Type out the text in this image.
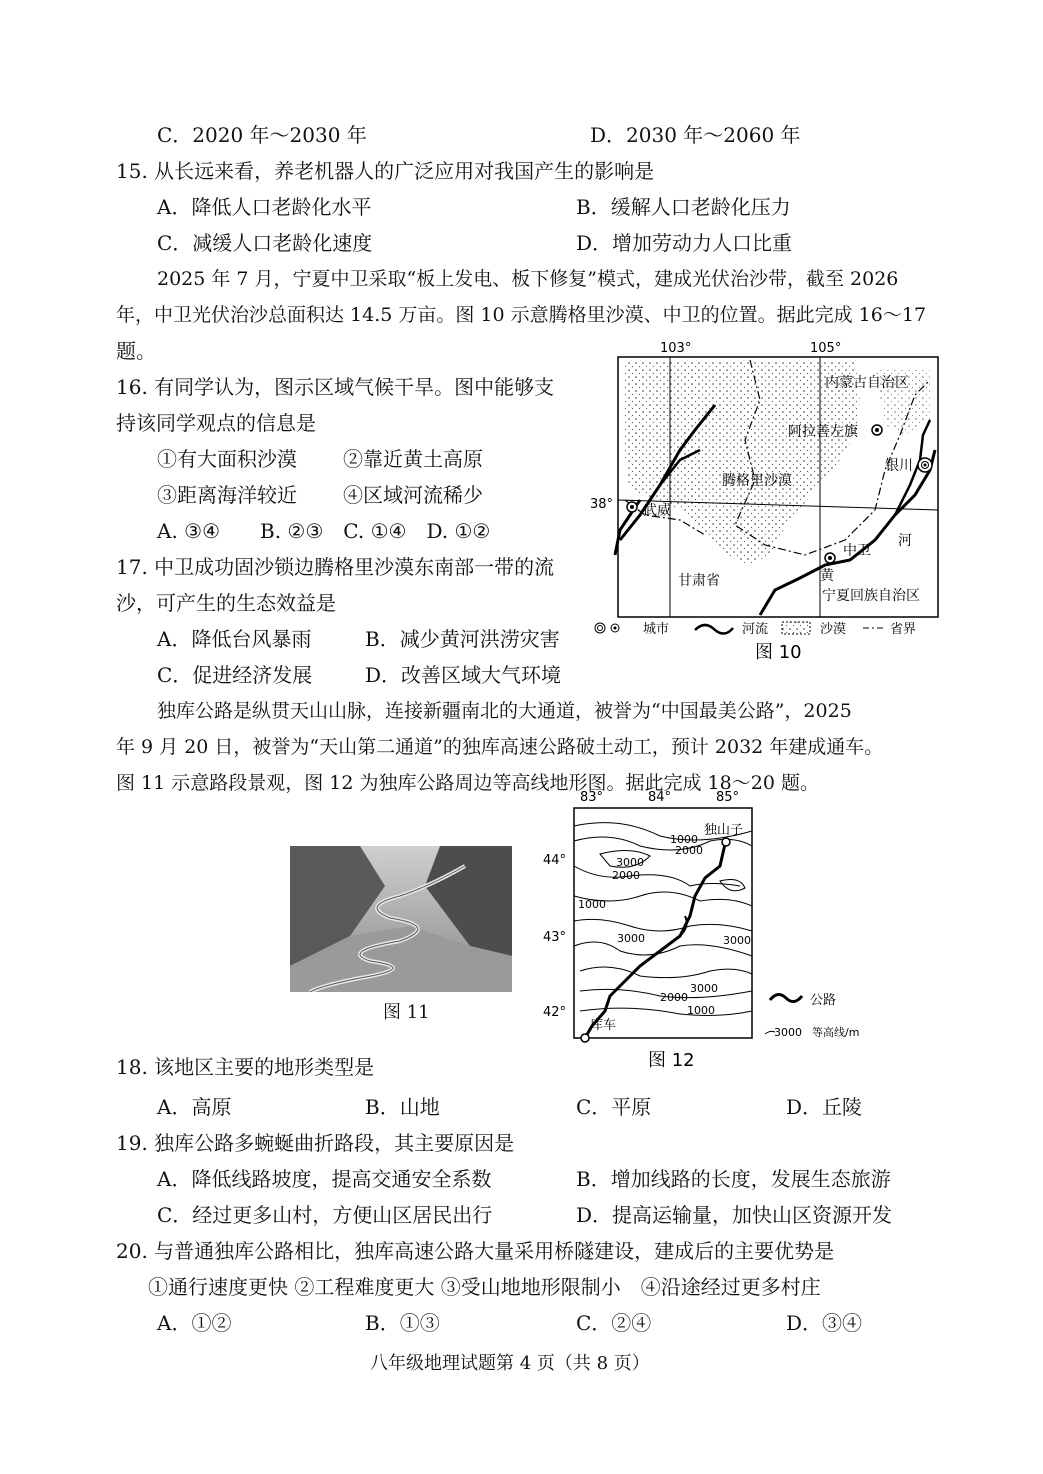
C．2020 年～2030 年	D．2030 年～2060 年
15. 从长远来看，养老机器人的广泛应用对我国产生的影响是
A．降低人口老龄化水平	B．缓解人口老龄化压力
C．减缓人口老龄化速度	D．增加劳动力人口比重
2025 年 7 月，宁夏中卫采取“板上发电、板下修复”模式，建成光伏治沙带，截至 2026
年，中卫光伏治沙总面积达 14.5 万亩。图 10 示意腾格里沙漠、中卫的位置。据此完成 16～17
题。
16. 有同学认为，图示区域气候干旱。图中能够支
持该同学观点的信息是
①有大面积沙漠 ②靠近黄土高原
③距离海洋较近 ④区域河流稀少
A. ③④　　B. ②③　C. ①④　D. ①②
17. 中卫成功固沙锁边腾格里沙漠东南部一带的流
沙，可产生的生态效益是
A．降低台风暴雨	B．减少黄河洪涝灾害
C．促进经济发展	D．改善区域大气环境
103°	105°
38°
内蒙古自治区
阿拉善左旗
银川
腾格里沙漠
武威
河
中卫
黄
甘肃省
宁夏回族自治区
城市	河流	沙漠	省界
图 10
独库公路是纵贯天山山脉，连接新疆南北的大通道，被誉为“中国最美公路”，2025
年 9 月 20 日，被誉为“天山第二通道”的独库高速公路破土动工，预计 2032 年建成通车。
图 11 示意路段景观，图 12 为独库公路周边等高线地形图。据此完成 18～20 题。
图 11
83°	84°	85°
44°
43°
42°
独山子
库车
1000
2000
3000
2000
1000
3000	3000
3000
2000
1000
公路
3000 等高线/m
图 12
18. 该地区主要的地形类型是
A．高原	B．山地	C．平原	D．丘陵
19. 独库公路多蜿蜒曲折路段，其主要原因是
A．降低线路坡度，提高交通安全系数	B．增加线路的长度，发展生态旅游
C．经过更多山村，方便山区居民出行	D．提高运输量，加快山区资源开发
20. 与普通独库公路相比，独库高速公路大量采用桥隧建设，建成后的主要优势是
①通行速度更快 ②工程难度更大 ③受山地地形限制小　④沿途经过更多村庄
A．①②	B．①③	C．②④	D．③④
八年级地理试题第 4 页（共 8 页）
